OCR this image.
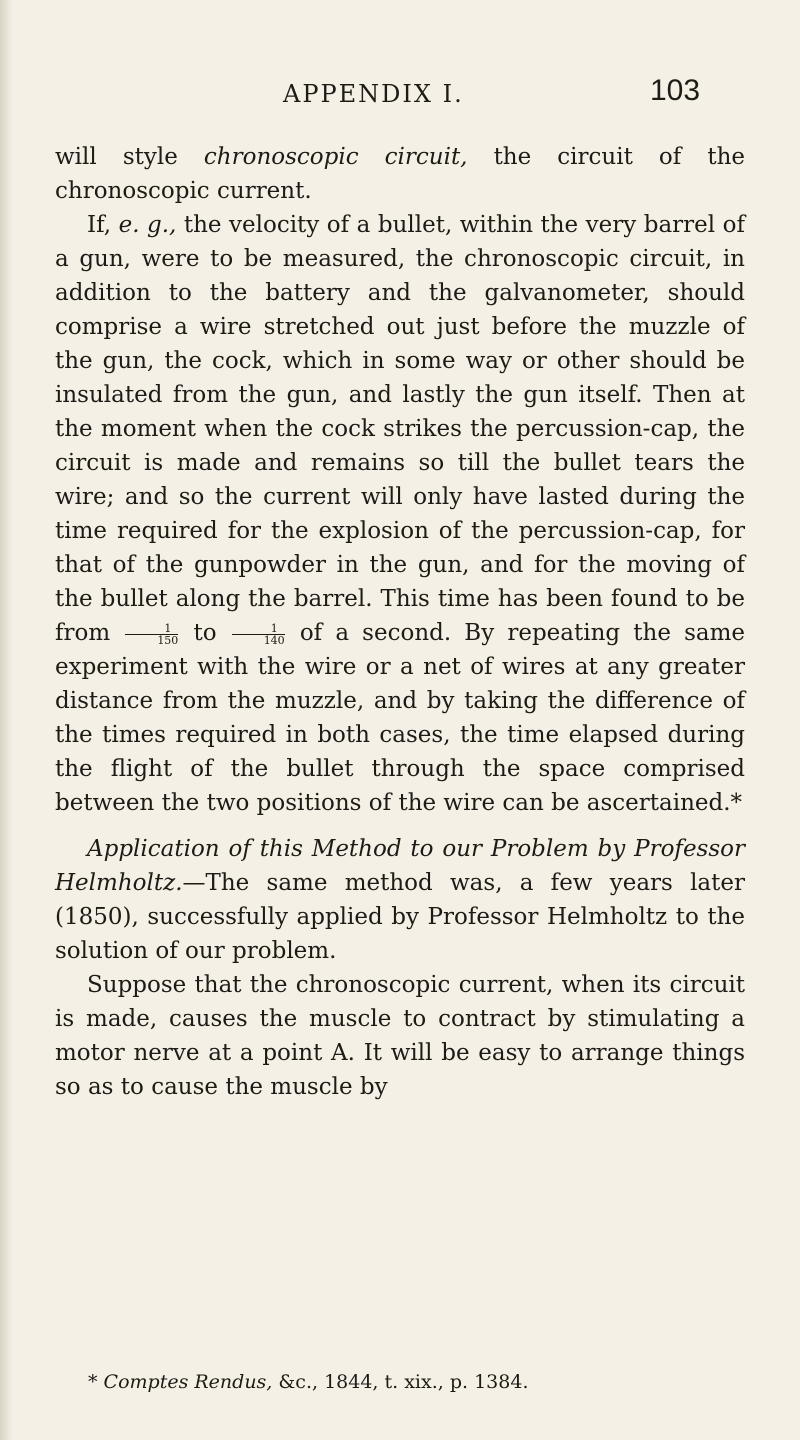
APPENDIX I.	103

will style chronoscopic circuit, the circuit of the chronoscopic current.

If, e. g., the velocity of a bullet, within the very barrel of a gun, were to be measured, the chronoscopic circuit, in addition to the battery and the galvanometer, should comprise a wire stretched out just before the muzzle of the gun, the cock, which in some way or other should be insulated from the gun, and lastly the gun itself. Then at the moment when the cock strikes the percussion-cap, the circuit is made and remains so till the bullet tears the wire; and so the current will only have lasted during the time required for the explosion of the percussion-cap, for that of the gunpowder in the gun, and for the moving of the bullet along the barrel. This time has been found to be from $\frac{1}{150}$ to $\frac{1}{140}$ of a second. By repeating the same experiment with the wire or a net of wires at any greater distance from the muzzle, and by taking the difference of the times required in both cases, the time elapsed during the flight of the bullet through the space comprised between the two positions of the wire can be ascertained.*

Application of this Method to our Problem by Professor Helmholtz.—The same method was, a few years later (1850), successfully applied by Professor Helmholtz to the solution of our problem.

Suppose that the chronoscopic current, when its circuit is made, causes the muscle to contract by stimulating a motor nerve at a point A. It will be easy to arrange things so as to cause the muscle by

* Comptes Rendus, &c., 1844, t. xix., p. 1384.
